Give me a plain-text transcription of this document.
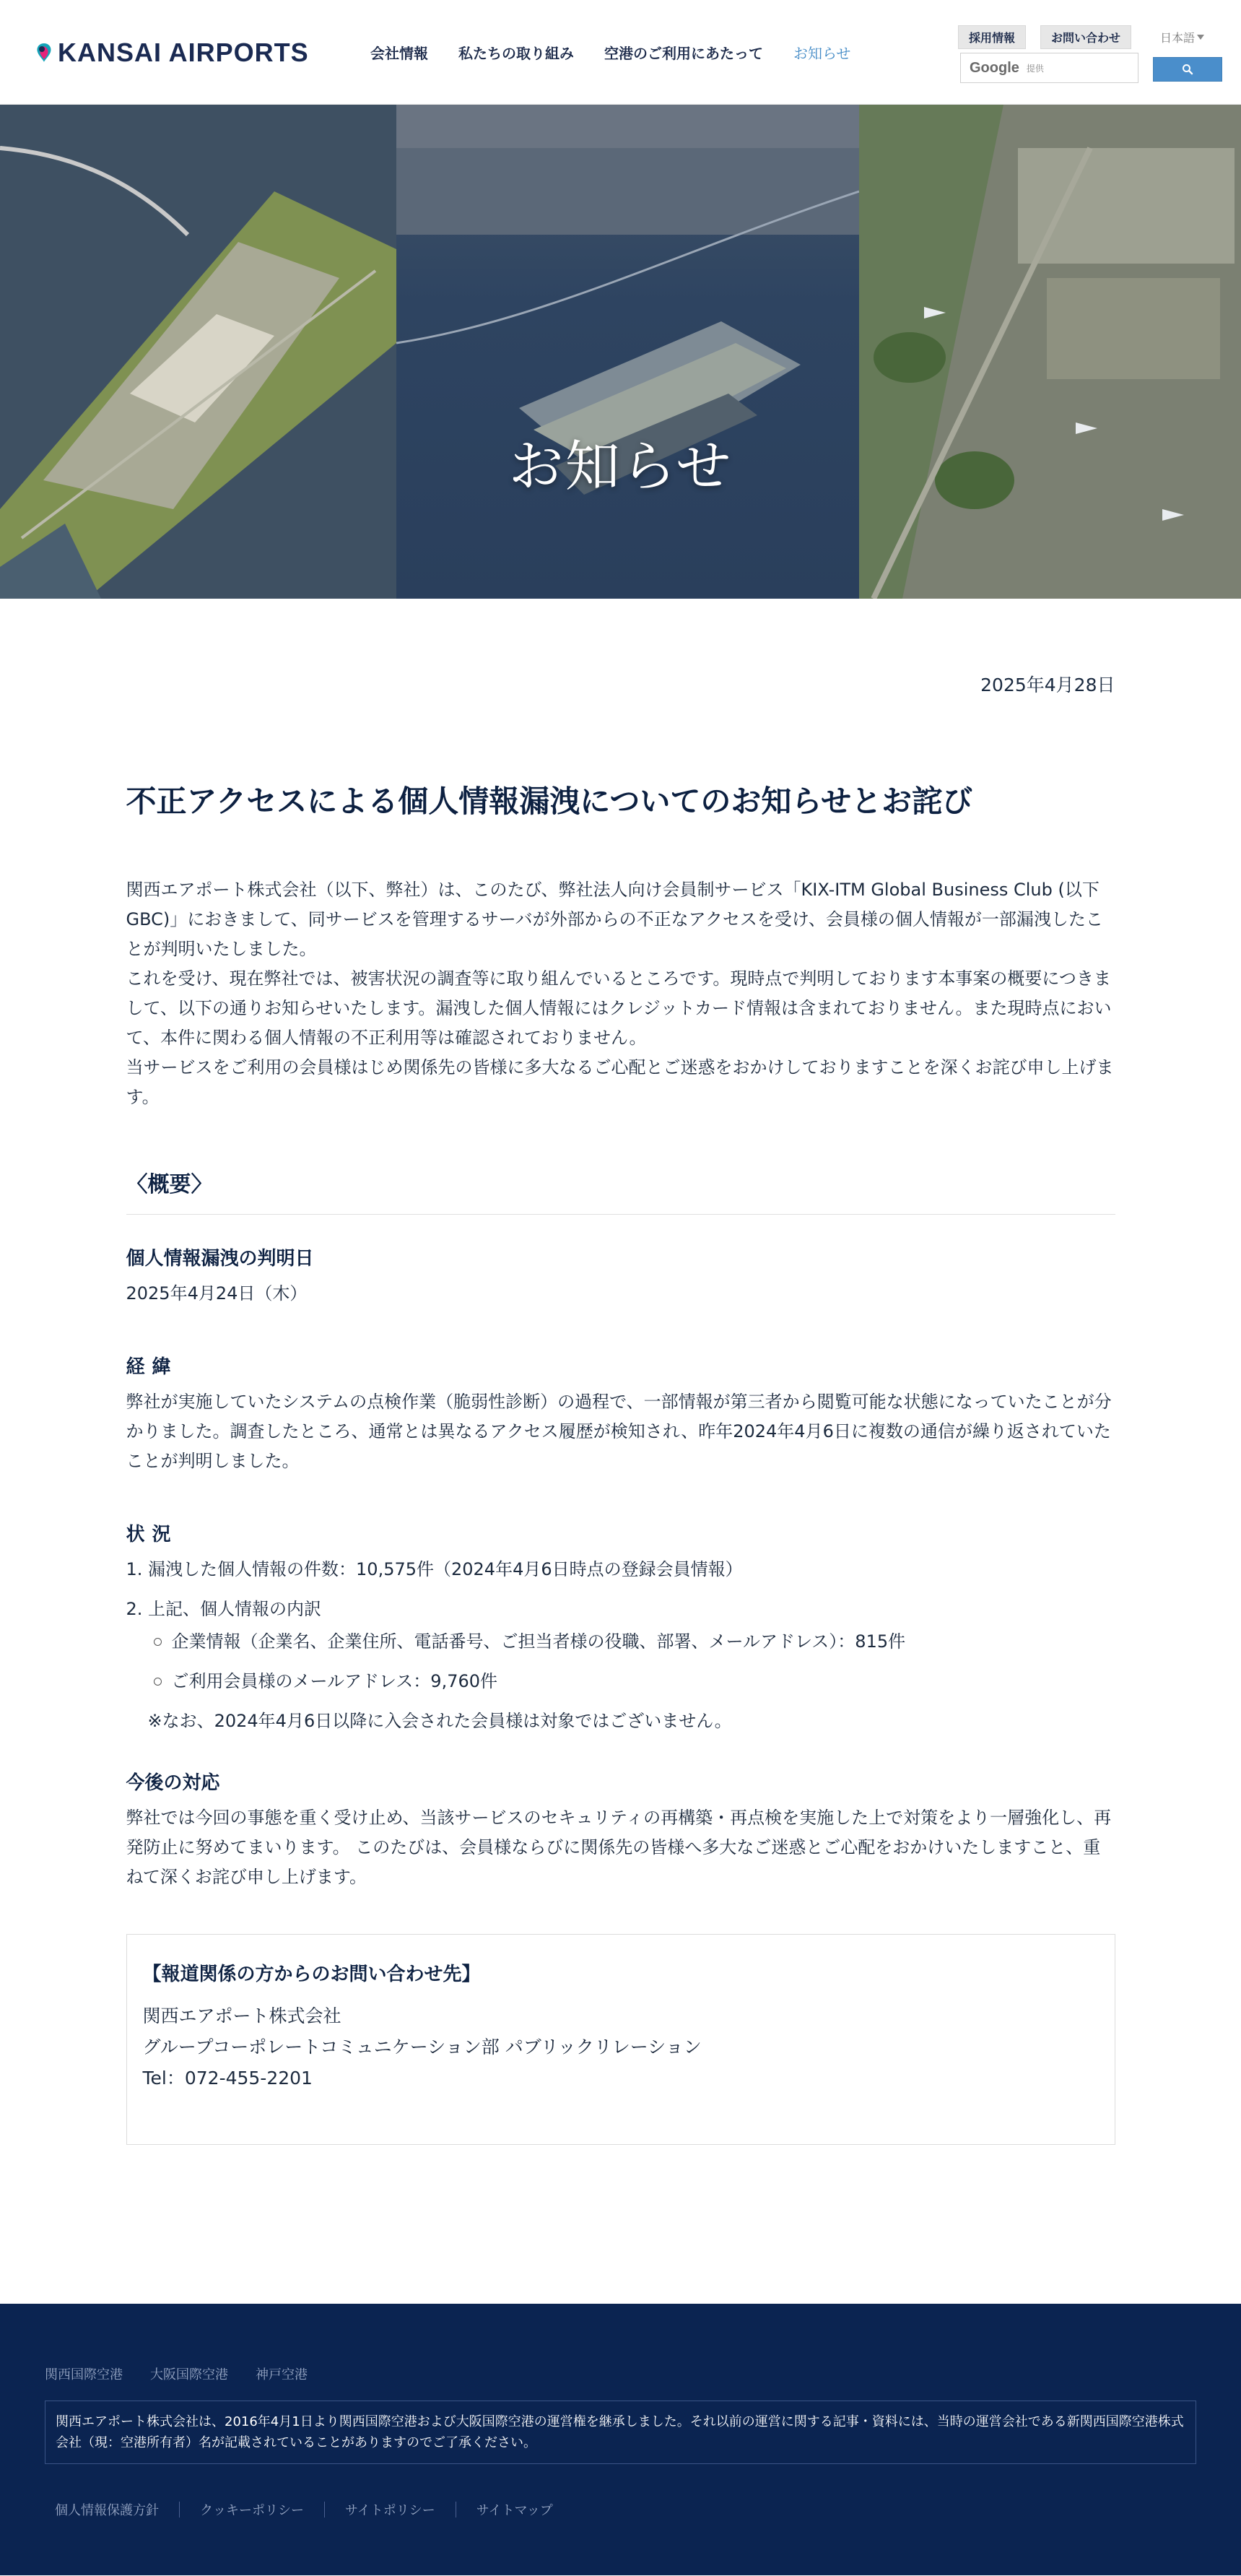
KANSAI AIRPORTS	会社情報 私たちの取り組み 空港のご利用にあたって お知らせ
採用情報	お問い合わせ	日本語
Google 提供
お知らせ
2025年4月28日
不正アクセスによる個人情報漏洩についてのお知らせとお詫び

関西エアポート株式会社（以下、弊社）は、このたび、弊社法人向け会員制サービス「KIX-ITM Global Business Club (以下GBC)」におきまして、同サービスを管理するサーバが外部からの不正なアクセスを受け、会員様の個人情報が一部漏洩したことが判明いたしました。

これを受け、現在弊社では、被害状況の調査等に取り組んでいるところです。現時点で判明しております本事案の概要につきまして、以下の通りお知らせいたします。漏洩した個人情報にはクレジットカード情報は含まれておりません。また現時点において、本件に関わる個人情報の不正利用等は確認されておりません。

当サービスをご利用の会員様はじめ関係先の皆様に多大なるご心配とご迷惑をおかけしておりますことを深くお詫び申し上げます。

〈概要〉
個人情報漏洩の判明日

2025年4月24日（木）

経緯

弊社が実施していたシステムの点検作業（脆弱性診断）の過程で、一部情報が第三者から閲覧可能な状態になっていたことが分かりました。調査したところ、通常とは異なるアクセス履歴が検知され、昨年2024年4月6日に複数の通信が繰り返されていたことが判明しました。

状況
1. 漏洩した個人情報の件数：10,575件（2024年4月6日時点の登録会員情報）
2. 上記、個人情報の内訳
企業情報（企業名、企業住所、電話番号、ご担当者様の役職、部署、メールアドレス）：815件
ご利用会員様のメールアドレス：9,760件

※なお、2024年4月6日以降に入会された会員様は対象ではございません。

今後の対応

弊社では今回の事態を重く受け止め、当該サービスのセキュリティの再構築・再点検を実施した上で対策をより一層強化し、再発防止に努めてまいります。 このたびは、会員様ならびに関係先の皆様へ多大なご迷惑とご心配をおかけいたしますこと、重ねて深くお詫び申し上げます。

【報道関係の方からのお問い合わせ先】
関西エアポート株式会社
グループコーポレートコミュニケーション部 パブリックリレーション
Tel：072-455-2201
関西国際空港 大阪国際空港 神戸空港
関西エアポート株式会社は、2016年4月1日より関西国際空港および大阪国際空港の運営権を継承しました。それ以前の運営に関する記事・資料には、当時の運営会社である新関西国際空港株式会社（現：空港所有者）名が記載されていることがありますのでご了承ください。
個人情報保護方針	クッキーポリシー	サイトポリシー	サイトマップ
